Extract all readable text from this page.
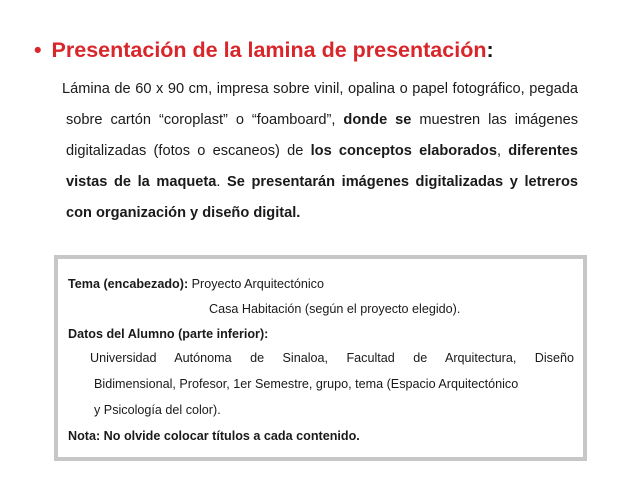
• Presentación de la lamina de presentación:

Lámina de 60 x 90 cm, impresa sobre vinil, opalina o papel fotográfico, pegada sobre cartón “coroplast” o “foamboard”, donde se muestren las imágenes digitalizadas (fotos o escaneos) de los conceptos elaborados, diferentes vistas de la maqueta. Se presentarán imágenes digitalizadas y letreros con organización y diseño digital.

Tema (encabezado): Proyecto Arquitectónico
Casa Habitación (según el proyecto elegido).
Datos del Alumno (parte inferior):
Universidad Autónoma de Sinaloa, Facultad de Arquitectura, Diseño
Bidimensional, Profesor, 1er Semestre, grupo, tema (Espacio Arquitectónico
y Psicología del color).
Nota: No olvide colocar títulos a cada contenido.
